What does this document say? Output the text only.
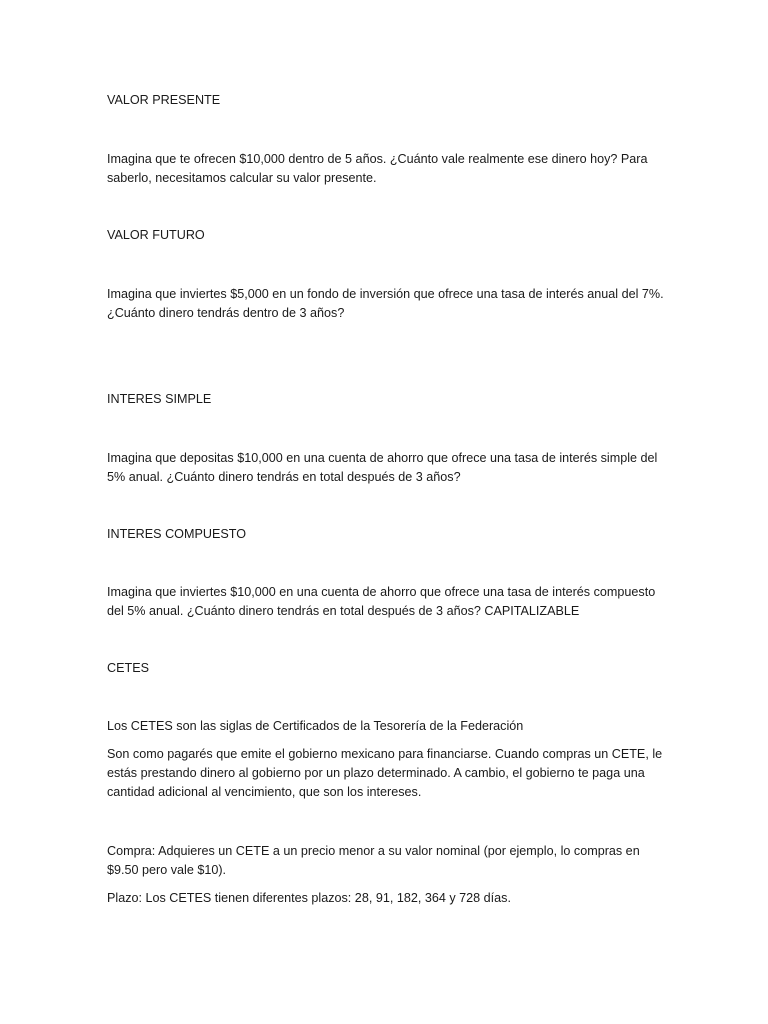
VALOR PRESENTE

Imagina que te ofrecen $10,000 dentro de 5 años. ¿Cuánto vale realmente ese dinero hoy? Para saberlo, necesitamos calcular su valor presente.

VALOR FUTURO

Imagina que inviertes $5,000 en un fondo de inversión que ofrece una tasa de interés anual del 7%. ¿Cuánto dinero tendrás dentro de 3 años?

INTERES SIMPLE

Imagina que depositas $10,000 en una cuenta de ahorro que ofrece una tasa de interés simple del 5% anual. ¿Cuánto dinero tendrás en total después de 3 años?

INTERES COMPUESTO

Imagina que inviertes $10,000 en una cuenta de ahorro que ofrece una tasa de interés compuesto del 5% anual. ¿Cuánto dinero tendrás en total después de 3 años? CAPITALIZABLE

CETES

Los CETES son las siglas de Certificados de la Tesorería de la Federación

Son como pagarés que emite el gobierno mexicano para financiarse. Cuando compras un CETE, le estás prestando dinero al gobierno por un plazo determinado. A cambio, el gobierno te paga una cantidad adicional al vencimiento, que son los intereses.

Compra: Adquieres un CETE a un precio menor a su valor nominal (por ejemplo, lo compras en $9.50 pero vale $10).

Plazo: Los CETES tienen diferentes plazos: 28, 91, 182, 364 y 728 días.
